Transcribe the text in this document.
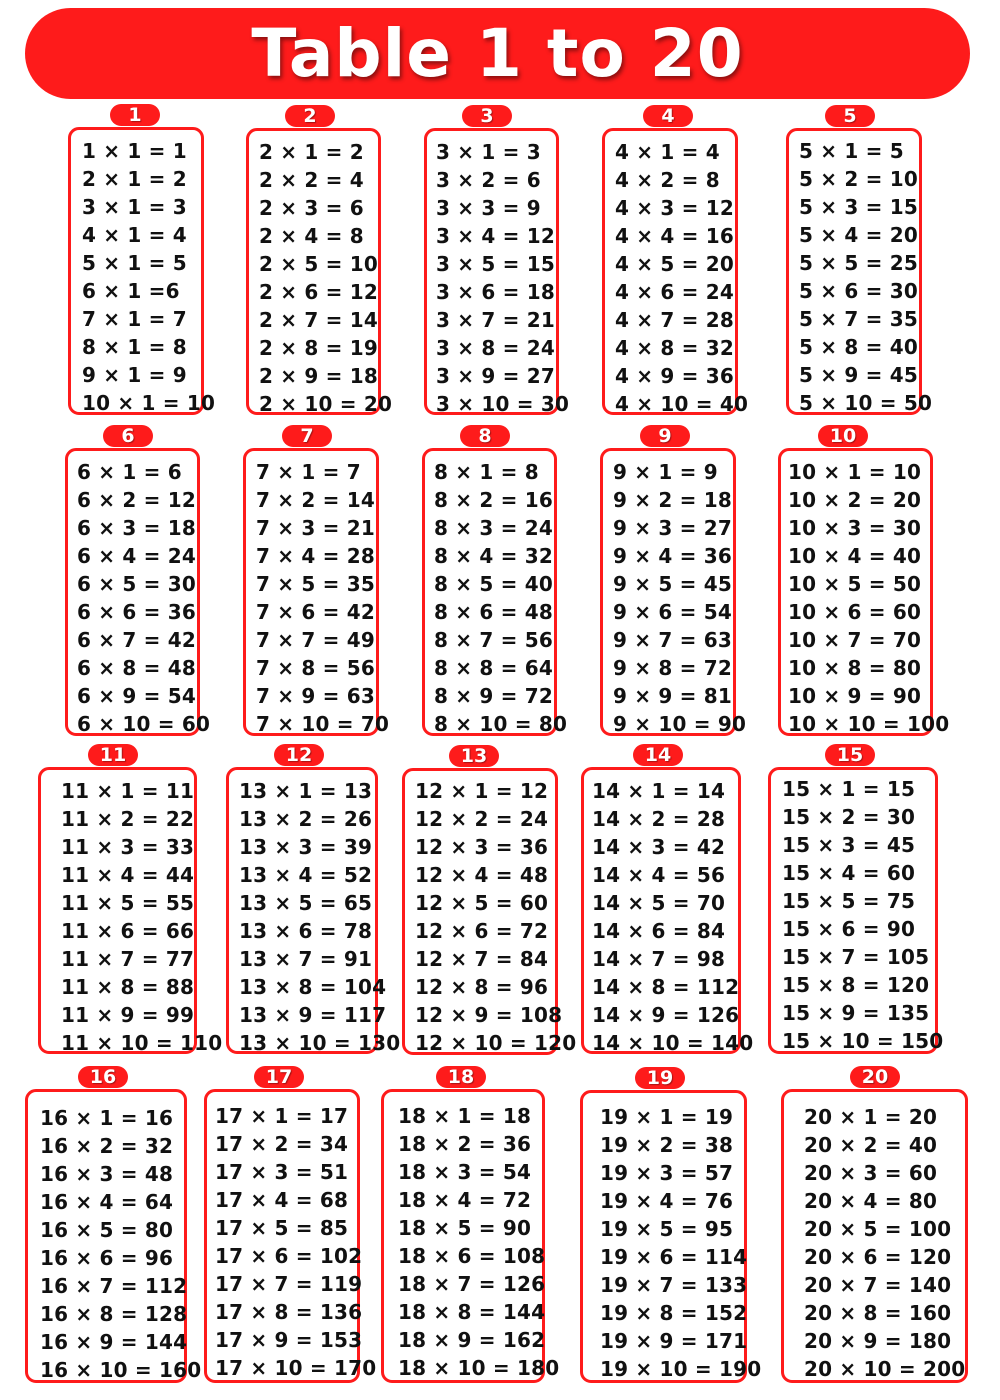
Table 1 to 20
1
1 × 1 = 1
2 × 1 = 2
3 × 1 = 3
4 × 1 = 4
5 × 1 = 5
6 × 1 =6
7 × 1 = 7
8 × 1 = 8
9 × 1 = 9
10 × 1 = 10
2
2 × 1 = 2
2 × 2 = 4
2 × 3 = 6
2 × 4 = 8
2 × 5 = 10
2 × 6 = 12
2 × 7 = 14
2 × 8 = 19
2 × 9 = 18
2 × 10 = 20
3
3 × 1 = 3
3 × 2 = 6
3 × 3 = 9
3 × 4 = 12
3 × 5 = 15
3 × 6 = 18
3 × 7 = 21
3 × 8 = 24
3 × 9 = 27
3 × 10 = 30
4
4 × 1 = 4
4 × 2 = 8
4 × 3 = 12
4 × 4 = 16
4 × 5 = 20
4 × 6 = 24
4 × 7 = 28
4 × 8 = 32
4 × 9 = 36
4 × 10 = 40
5
5 × 1 = 5
5 × 2 = 10
5 × 3 = 15
5 × 4 = 20
5 × 5 = 25
5 × 6 = 30
5 × 7 = 35
5 × 8 = 40
5 × 9 = 45
5 × 10 = 50
6
6 × 1 = 6
6 × 2 = 12
6 × 3 = 18
6 × 4 = 24
6 × 5 = 30
6 × 6 = 36
6 × 7 = 42
6 × 8 = 48
6 × 9 = 54
6 × 10 = 60
7
7 × 1 = 7
7 × 2 = 14
7 × 3 = 21
7 × 4 = 28
7 × 5 = 35
7 × 6 = 42
7 × 7 = 49
7 × 8 = 56
7 × 9 = 63
7 × 10 = 70
8
8 × 1 = 8
8 × 2 = 16
8 × 3 = 24
8 × 4 = 32
8 × 5 = 40
8 × 6 = 48
8 × 7 = 56
8 × 8 = 64
8 × 9 = 72
8 × 10 = 80
9
9 × 1 = 9
9 × 2 = 18
9 × 3 = 27
9 × 4 = 36
9 × 5 = 45
9 × 6 = 54
9 × 7 = 63
9 × 8 = 72
9 × 9 = 81
9 × 10 = 90
10
10 × 1 = 10
10 × 2 = 20
10 × 3 = 30
10 × 4 = 40
10 × 5 = 50
10 × 6 = 60
10 × 7 = 70
10 × 8 = 80
10 × 9 = 90
10 × 10 = 100
11
11 × 1 = 11
11 × 2 = 22
11 × 3 = 33
11 × 4 = 44
11 × 5 = 55
11 × 6 = 66
11 × 7 = 77
11 × 8 = 88
11 × 9 = 99
11 × 10 = 110
12
13 × 1 = 13
13 × 2 = 26
13 × 3 = 39
13 × 4 = 52
13 × 5 = 65
13 × 6 = 78
13 × 7 = 91
13 × 8 = 104
13 × 9 = 117
13 × 10 = 130
13
12 × 1 = 12
12 × 2 = 24
12 × 3 = 36
12 × 4 = 48
12 × 5 = 60
12 × 6 = 72
12 × 7 = 84
12 × 8 = 96
12 × 9 = 108
12 × 10 = 120
14
14 × 1 = 14
14 × 2 = 28
14 × 3 = 42
14 × 4 = 56
14 × 5 = 70
14 × 6 = 84
14 × 7 = 98
14 × 8 = 112
14 × 9 = 126
14 × 10 = 140
15
15 × 1 = 15
15 × 2 = 30
15 × 3 = 45
15 × 4 = 60
15 × 5 = 75
15 × 6 = 90
15 × 7 = 105
15 × 8 = 120
15 × 9 = 135
15 × 10 = 150
16
16 × 1 = 16
16 × 2 = 32
16 × 3 = 48
16 × 4 = 64
16 × 5 = 80
16 × 6 = 96
16 × 7 = 112
16 × 8 = 128
16 × 9 = 144
16 × 10 = 160
17
17 × 1 = 17
17 × 2 = 34
17 × 3 = 51
17 × 4 = 68
17 × 5 = 85
17 × 6 = 102
17 × 7 = 119
17 × 8 = 136
17 × 9 = 153
17 × 10 = 170
18
18 × 1 = 18
18 × 2 = 36
18 × 3 = 54
18 × 4 = 72
18 × 5 = 90
18 × 6 = 108
18 × 7 = 126
18 × 8 = 144
18 × 9 = 162
18 × 10 = 180
19
19 × 1 = 19
19 × 2 = 38
19 × 3 = 57
19 × 4 = 76
19 × 5 = 95
19 × 6 = 114
19 × 7 = 133
19 × 8 = 152
19 × 9 = 171
19 × 10 = 190
20
20 × 1 = 20
20 × 2 = 40
20 × 3 = 60
20 × 4 = 80
20 × 5 = 100
20 × 6 = 120
20 × 7 = 140
20 × 8 = 160
20 × 9 = 180
20 × 10 = 200
